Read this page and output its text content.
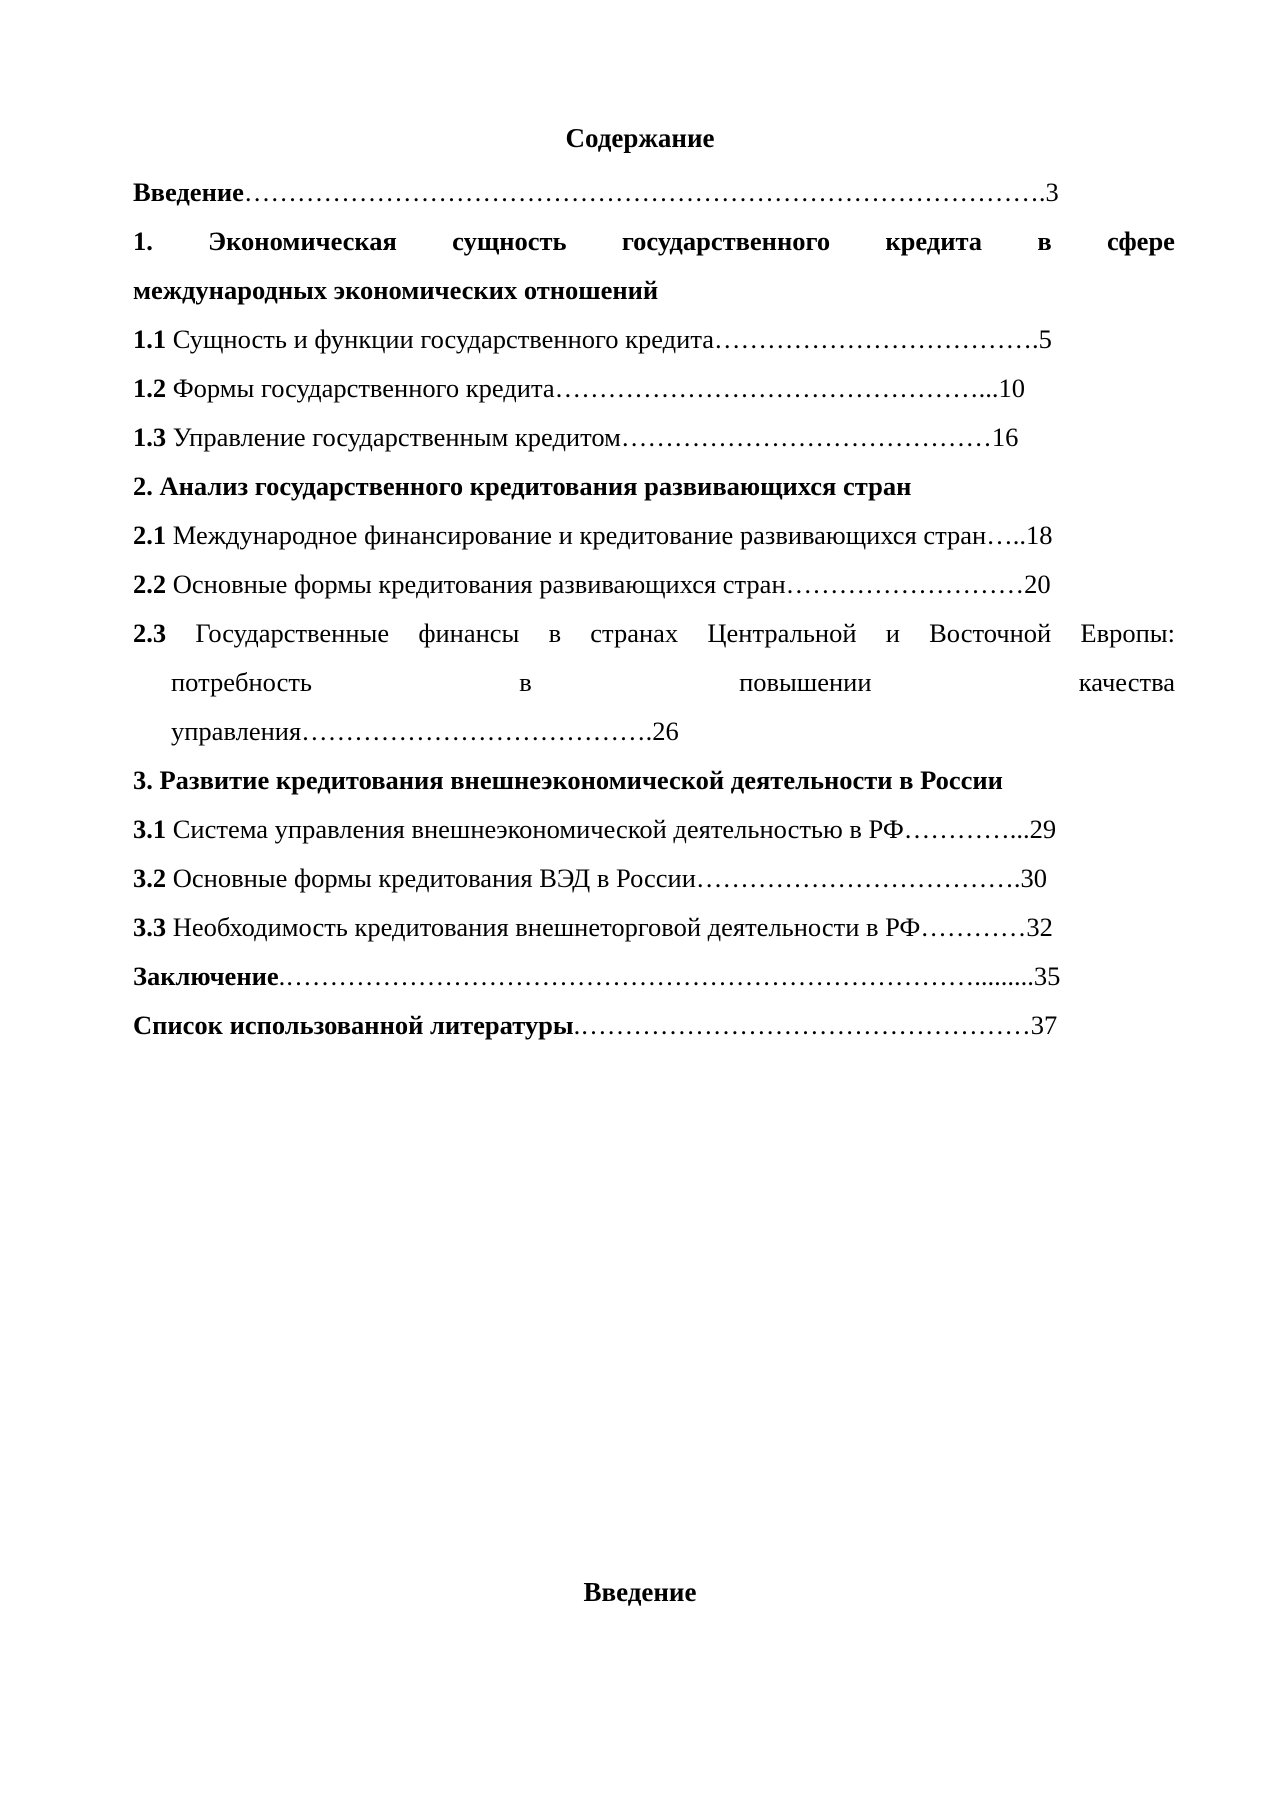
Содержание
Введение……………………………………………………………………………….3
1. Экономическая сущность государственного кредита в сфере
международных экономических отношений
1.1 Сущность и функции государственного кредита……………………………….5
1.2 Формы государственного кредита…………………………………………...10
1.3 Управление государственным кредитом……………………………………16
2. Анализ государственного кредитования развивающихся стран
2.1 Международное финансирование и кредитование развивающихся стран…..18
2.2 Основные формы кредитования развивающихся стран………………………20
2.3 Государственные финансы в странах Центральной и Восточной Европы:
потребность	в	повышении	качества
управления………………………………….26
3. Развитие кредитования внешнеэкономической деятельности в России
3.1 Система управления внешнеэкономической деятельностью в РФ…………...29
3.2 Основные формы кредитования ВЭД в России……………………………….30
3.3 Необходимость кредитования внешнеторговой деятельности в РФ…………32
Заключение.…………………………………………………………………….........35
Список использованной литературы.……………………………………………37
Введение
